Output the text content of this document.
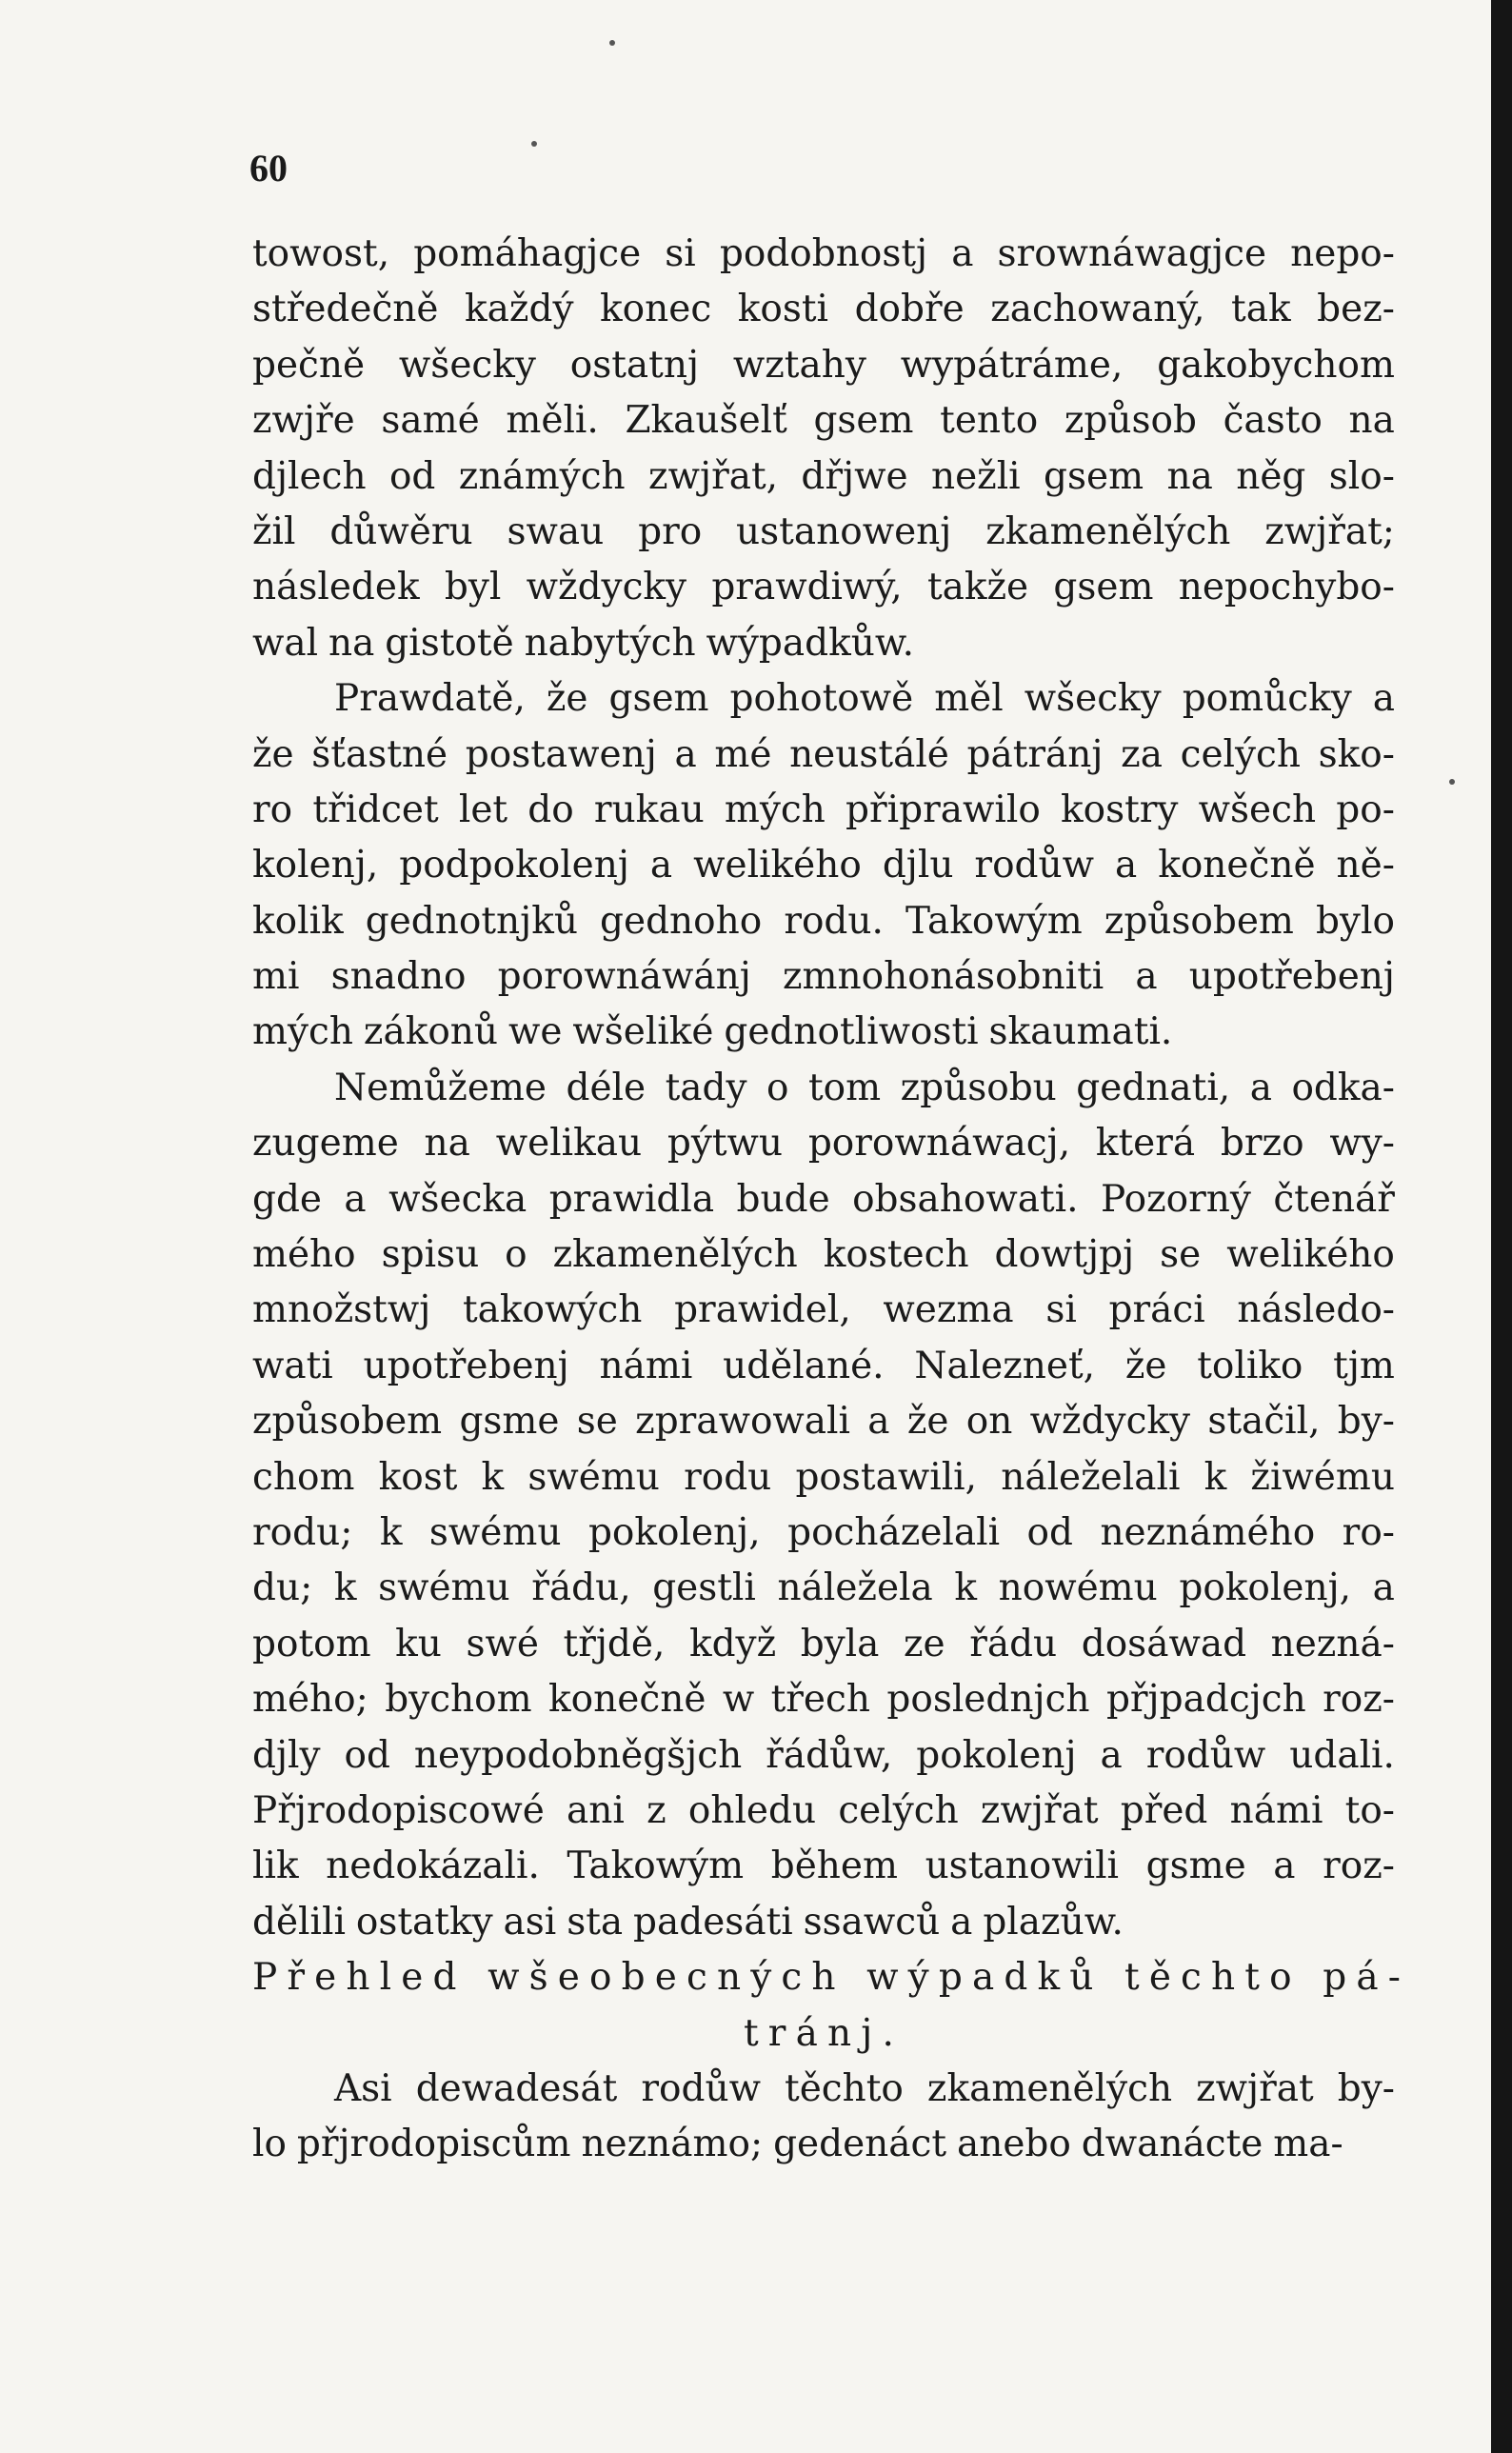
60
towost, pomáhagjce si podobnostj a srownáwagjce nepo-
středečně každý konec kosti dobře zachowaný, tak bez-
pečně wšecky ostatnj wztahy wypátráme, gakobychom
zwjře samé měli. Zkaušelť gsem tento způsob často na
djlech od známých zwjřat, dřjwe nežli gsem na něg slo-
žil důwěru swau pro ustanowenj zkamenělých zwjřat;
následek byl wždycky prawdiwý, takže gsem nepochybo-
wal na gistotě nabytých wýpadkůw.
Prawdatě, že gsem pohotowě měl wšecky pomůcky a
že šťastné postawenj a mé neustálé pátránj za celých sko-
ro třidcet let do rukau mých připrawilo kostry wšech po-
kolenj, podpokolenj a welikého djlu rodůw a konečně ně-
kolik gednotnjků gednoho rodu. Takowým způsobem bylo
mi snadno porownáwánj zmnohonásobniti a upotřebenj
mých zákonů we wšeliké gednotliwosti skaumati.
Nemůžeme déle tady o tom způsobu gednati, a odka-
zugeme na welikau pýtwu porownáwacj, která brzo wy-
gde a wšecka prawidla bude obsahowati. Pozorný čtenář
mého spisu o zkamenělých kostech dowtjpj se welikého
množstwj takowých prawidel, wezma si práci následo-
wati upotřebenj námi udělané. Nalezneť, že toliko tjm
způsobem gsme se zprawowali a že on wždycky stačil, by-
chom kost k swému rodu postawili, náleželali k žiwému
rodu; k swému pokolenj, pocházelali od neznámého ro-
du; k swému řádu, gestli náležela k nowému pokolenj, a
potom ku swé třjdě, když byla ze řádu dosáwad nezná-
mého; bychom konečně w třech poslednjch přjpadcjch roz-
djly od neypodobněgšjch řádůw, pokolenj a rodůw udali.
Přjrodopiscowé ani z ohledu celých zwjřat před námi to-
lik nedokázali. Takowým během ustanowili gsme a roz-
dělili ostatky asi sta padesáti ssawců a plazůw.
Přehled wšeobecných wýpadků těchto pá-
tránj.
Asi dewadesát rodůw těchto zkamenělých zwjřat by-
lo přjrodopiscům neznámo; gedenáct anebo dwanácte ma-
